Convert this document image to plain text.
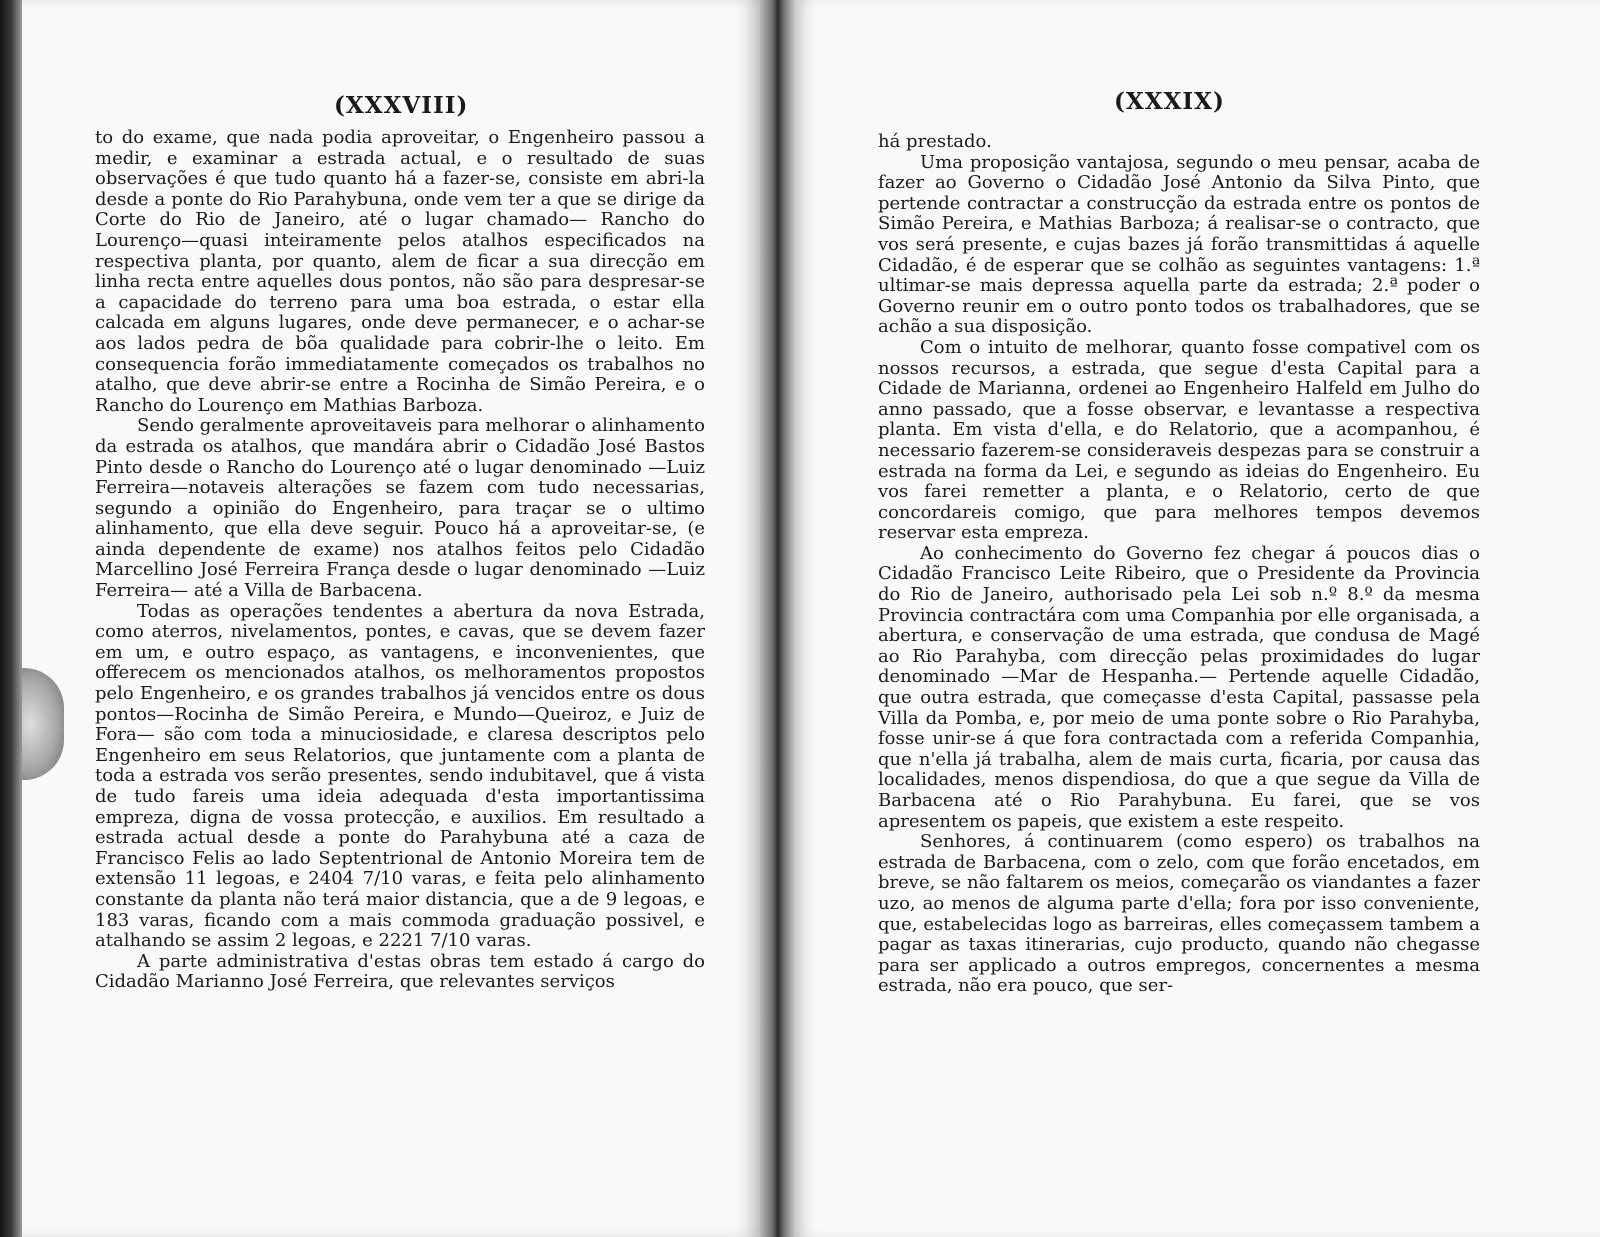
(XXXVIII)

to do exame, que nada podia aproveitar, o Engenheiro passou a medir, e examinar a estrada actual, e o resultado de suas observações é que tudo quanto há a fazer-se, consiste em abri-la desde a ponte do Rio Parahybuna, onde vem ter a que se dirige da Corte do Rio de Janeiro, até o lugar chamado— Rancho do Lourenço—quasi inteiramente pelos atalhos especificados na respectiva planta, por quanto, alem de ficar a sua direcção em linha recta entre aquelles dous pontos, não são para despresar-se a capacidade do terreno para uma boa estrada, o estar ella calcada em alguns lugares, onde deve permanecer, e o achar-se aos lados pedra de bõa qualidade para cobrir-lhe o leito. Em consequencia forão immediatamente começados os trabalhos no atalho, que deve abrir-se entre a Rocinha de Simão Pereira, e o Rancho do Lourenço em Mathias Barboza.

Sendo geralmente aproveitaveis para melhorar o alinhamento da estrada os atalhos, que mandára abrir o Cidadão José Bastos Pinto desde o Rancho do Lourenço até o lugar denominado —Luiz Ferreira—notaveis alterações se fazem com tudo necessarias, segundo a opinião do Engenheiro, para traçar se o ultimo alinhamento, que ella deve seguir. Pouco há a aproveitar-se, (e ainda dependente de exame) nos atalhos feitos pelo Cidadão Marcellino José Ferreira França desde o lugar denominado —Luiz Ferreira— até a Villa de Barbacena.

Todas as operações tendentes a abertura da nova Estrada, como aterros, nivelamentos, pontes, e cavas, que se devem fazer em um, e outro espaço, as vantagens, e inconvenientes, que offerecem os mencionados atalhos, os melhoramentos propostos pelo Engenheiro, e os grandes trabalhos já vencidos entre os dous pontos—Rocinha de Simão Pereira, e Mundo—Queiroz, e Juiz de Fora— são com toda a minuciosidade, e claresa descriptos pelo Engenheiro em seus Relatorios, que juntamente com a planta de toda a estrada vos serão presentes, sendo indubitavel, que á vista de tudo fareis uma ideia adequada d'esta importantissima empreza, digna de vossa protecção, e auxilios. Em resultado a estrada actual desde a ponte do Parahybuna até a caza de Francisco Felis ao lado Septentrional de Antonio Moreira tem de extensão 11 legoas, e 2404 7/10 varas, e feita pelo alinhamento constante da planta não terá maior distancia, que a de 9 legoas, e 183 varas, ficando com a mais commoda graduação possivel, e atalhando se assim 2 legoas, e 2221 7/10 varas.

A parte administrativa d'estas obras tem estado á cargo do Cidadão Marianno José Ferreira, que relevantes serviços

(XXXIX)

há prestado.

Uma proposição vantajosa, segundo o meu pensar, acaba de fazer ao Governo o Cidadão José Antonio da Silva Pinto, que pertende contractar a construcção da estrada entre os pontos de Simão Pereira, e Mathias Barboza; á realisar-se o contracto, que vos será presente, e cujas bazes já forão transmittidas á aquelle Cidadão, é de esperar que se colhão as seguintes vantagens: 1.ª ultimar-se mais depressa aquella parte da estrada; 2.ª poder o Governo reunir em o outro ponto todos os trabalhadores, que se achão a sua disposição.

Com o intuito de melhorar, quanto fosse compativel com os nossos recursos, a estrada, que segue d'esta Capital para a Cidade de Marianna, ordenei ao Engenheiro Halfeld em Julho do anno passado, que a fosse observar, e levantasse a respectiva planta. Em vista d'ella, e do Relatorio, que a acompanhou, é necessario fazerem-se consideraveis despezas para se construir a estrada na forma da Lei, e segundo as ideias do Engenheiro. Eu vos farei remetter a planta, e o Relatorio, certo de que concordareis comigo, que para melhores tempos devemos reservar esta empreza.

Ao conhecimento do Governo fez chegar á poucos dias o Cidadão Francisco Leite Ribeiro, que o Presidente da Provincia do Rio de Janeiro, authorisado pela Lei sob n.º 8.º da mesma Provincia contractára com uma Companhia por elle organisada, a abertura, e conservação de uma estrada, que condusa de Magé ao Rio Parahyba, com direcção pelas proximidades do lugar denominado —Mar de Hespanha.— Pertende aquelle Cidadão, que outra estrada, que começasse d'esta Capital, passasse pela Villa da Pomba, e, por meio de uma ponte sobre o Rio Parahyba, fosse unir-se á que fora contractada com a referida Companhia, que n'ella já trabalha, alem de mais curta, ficaria, por causa das localidades, menos dispendiosa, do que a que segue da Villa de Barbacena até o Rio Parahybuna. Eu farei, que se vos apresentem os papeis, que existem a este respeito.

Senhores, á continuarem (como espero) os trabalhos na estrada de Barbacena, com o zelo, com que forão encetados, em breve, se não faltarem os meios, começarão os viandantes a fazer uzo, ao menos de alguma parte d'ella; fora por isso conveniente, que, estabelecidas logo as barreiras, elles começassem tambem a pagar as taxas itinerarias, cujo producto, quando não chegasse para ser applicado a outros empregos, concernentes a mesma estrada, não era pouco, que ser-
